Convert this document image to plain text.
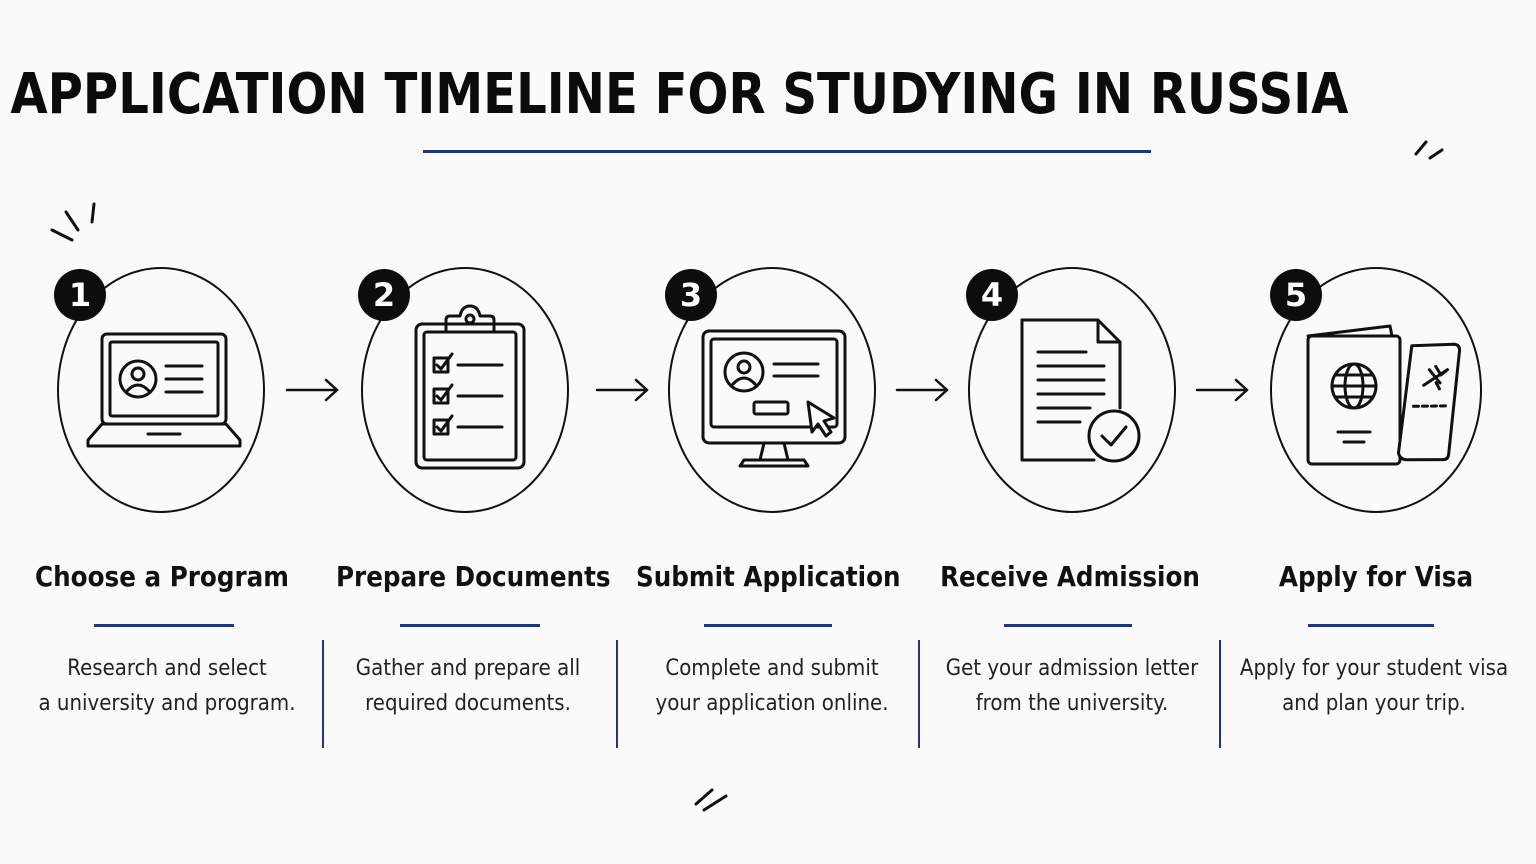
APPLICATION TIMELINE FOR STUDYING IN RUSSIA
1
Choose a Program
Research and select
a university and program.
2
Prepare Documents
Gather and prepare all
required documents.
3
Submit Application
Complete and submit
your application online.
4
Receive Admission
Get your admission letter
from the university.
5
Apply for Visa
Apply for your student visa
and plan your trip.
